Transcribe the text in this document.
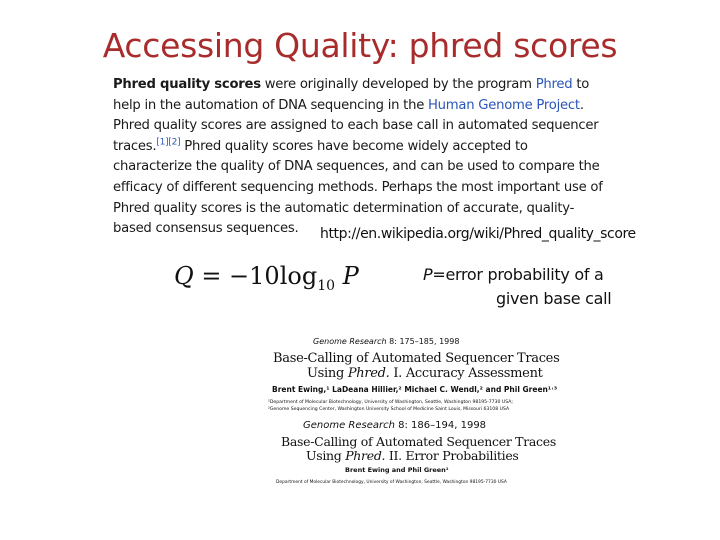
Accessing Quality: phred scores

Phred quality scores were originally developed by the program Phred to help in the automation of DNA sequencing in the Human Genome Project. Phred quality scores are assigned to each base call in automated sequencer traces.[1][2] Phred quality scores have become widely accepted to characterize the quality of DNA sequences, and can be used to compare the efficacy of different sequencing methods. Perhaps the most important use of Phred quality scores is the automatic determination of accurate, quality-based consensus sequences.	http://en.wikipedia.org/wiki/Phred_quality_score
$Q = -10\log_{10}$ P	P=error probability of a
given base call
Genome Research 8: 175–185, 1998
Base-Calling of Automated Sequencer Traces
Using Phred. I. Accuracy Assessment
Brent Ewing,¹ LaDeana Hillier,² Michael C. Wendl,² and Phil Green¹˒³
¹Department of Molecular Biotechnology, University of Washington, Seattle, Washington 98195-7730 USA;
²Genome Sequencing Center, Washington University School of Medicine Saint Louis, Missouri 63108 USA
Genome Research 8: 186–194, 1998
Base-Calling of Automated Sequencer Traces
Using Phred. II. Error Probabilities
Brent Ewing and Phil Green¹
Department of Molecular Biotechnology, University of Washington, Seattle, Washington 98195-7730 USA
